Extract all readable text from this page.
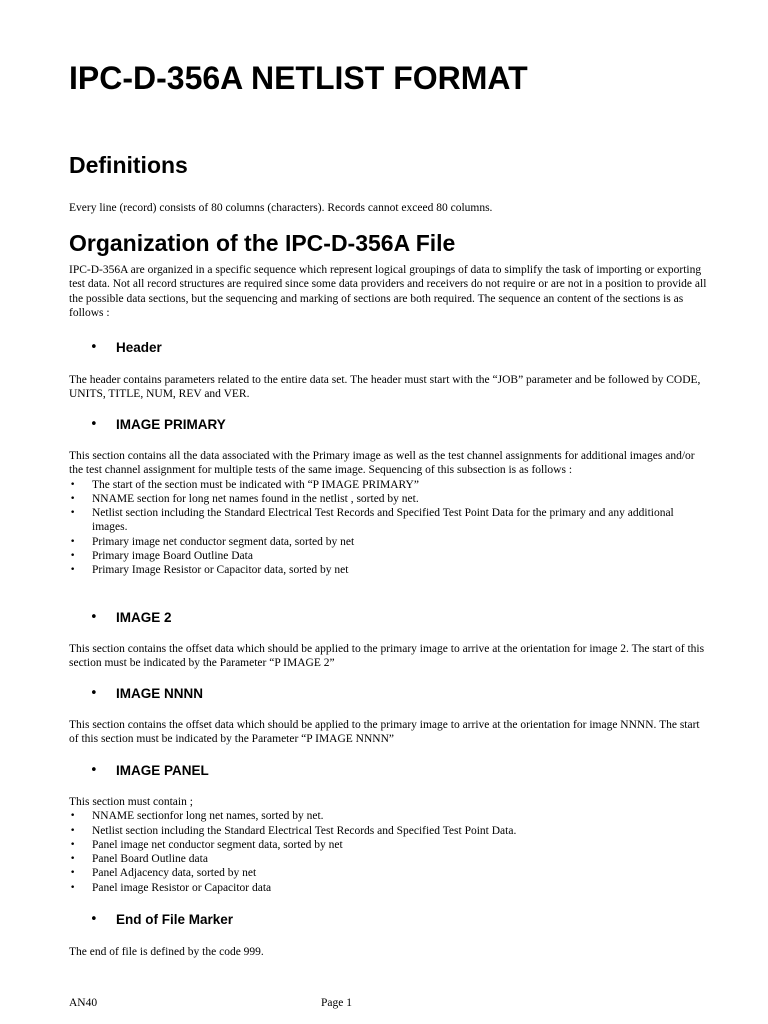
IPC-D-356A NETLIST FORMAT
Definitions

Every line (record) consists of 80 columns (characters). Records cannot exceed 80 columns.

Organization of the IPC-D-356A File

IPC-D-356A are organized in a specific sequence which represent logical groupings of data to simplify the task of importing or exporting test data. Not all record structures are required since some data providers and receivers do not require or are not in a position to provide all the possible data sections, but the sequencing and marking of sections are both required. The sequence an content of the sections is as follows :

• Header

The header contains parameters related to the entire data set. The header must start with the “JOB” parameter and be followed by CODE, UNITS, TITLE, NUM, REV and VER.

• IMAGE PRIMARY

This section contains all the data associated with the Primary image as well as the test channel assignments for additional images and/or the test channel assignment for multiple tests of the same image. Sequencing of this subsection is as follows :

• The start of the section must be indicated with “P IMAGE PRIMARY”
• NNAME section for long net names found in the netlist , sorted by net.
• Netlist section including the Standard Electrical Test Records and Specified Test Point Data for the primary and any additional images.
• Primary image net conductor segment data, sorted by net
• Primary image Board Outline Data
• Primary Image Resistor or Capacitor data, sorted by net
• IMAGE 2

This section contains the offset data which should be applied to the primary image to arrive at the orientation for image 2. The start of this section must be indicated by the Parameter “P IMAGE 2”

• IMAGE NNNN

This section contains the offset data which should be applied to the primary image to arrive at the orientation for image NNNN. The start of this section must be indicated by the Parameter “P IMAGE NNNN”

• IMAGE PANEL

This section must contain ;

• NNAME sectionfor long net names, sorted by net.
• Netlist section including the Standard Electrical Test Records and Specified Test Point Data.
• Panel image net conductor segment data, sorted by net
• Panel Board Outline data
• Panel Adjacency data, sorted by net
• Panel image Resistor or Capacitor data
• End of File Marker

The end of file is defined by the code 999.

AN40	Page 1
